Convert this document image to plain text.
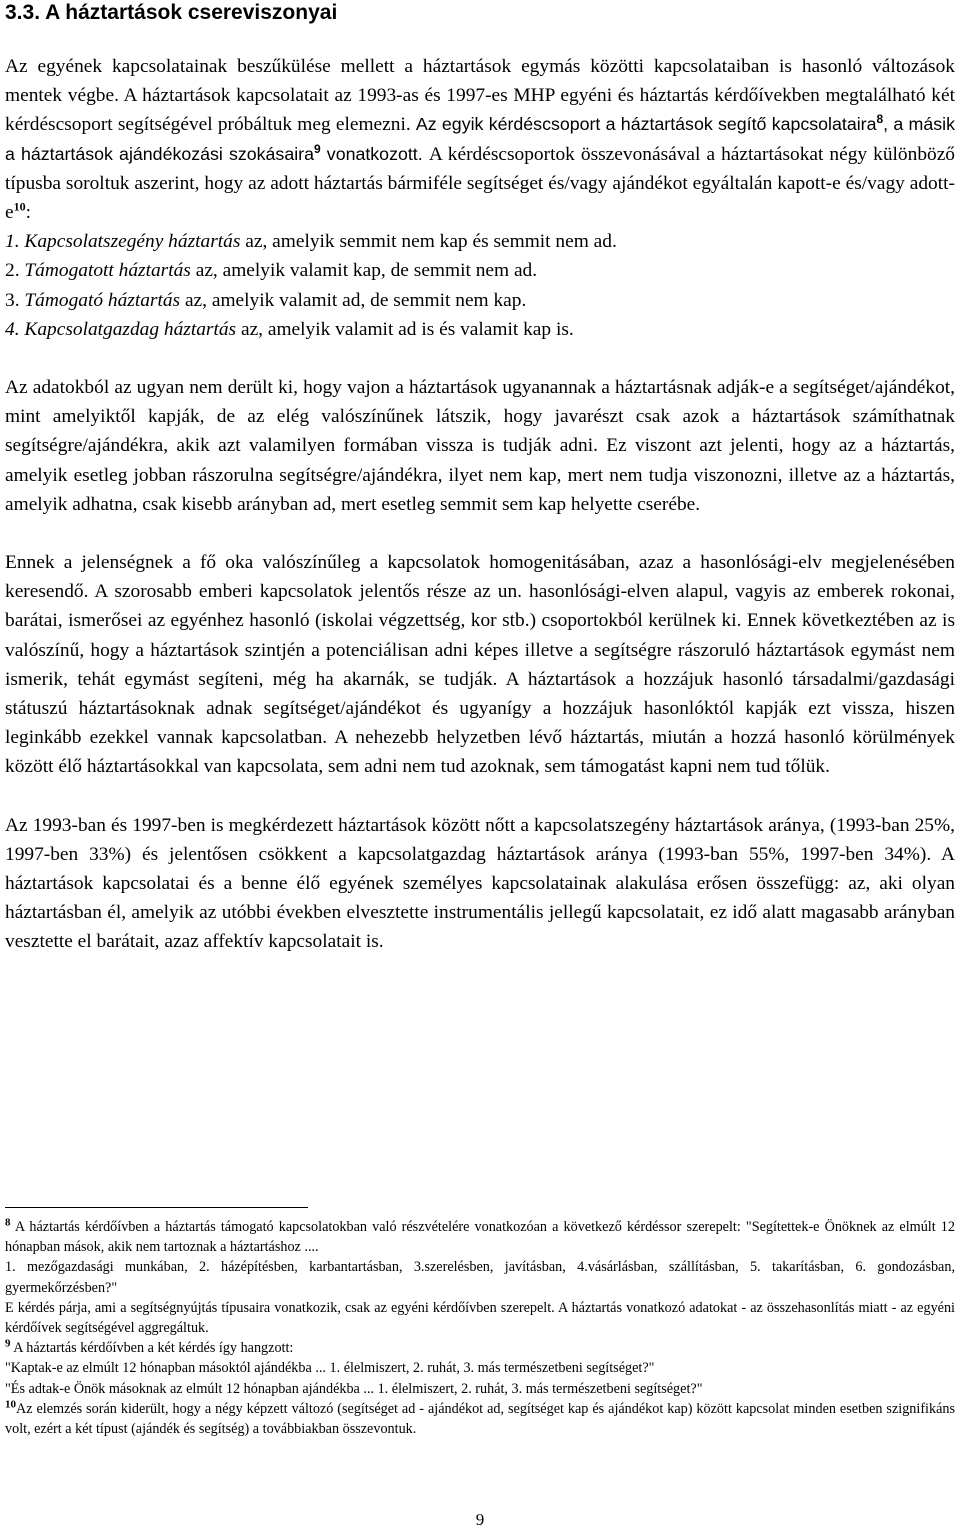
3.3. A háztartások csereviszonyai

Az egyének kapcsolatainak beszűkülése mellett a háztartások egymás közötti kapcsolataiban is hasonló változások mentek végbe. A háztartások kapcsolatait az 1993-as és 1997-es MHP egyéni és háztartás kérdőívekben megtalálható két kérdéscsoport segítségével próbáltuk meg elemezni. Az egyik kérdéscsoport a háztartások segítő kapcsolataira$^8$, a másik a háztartások ajándékozási szokásaira$^9$ vonatkozott. A kérdéscsoportok összevonásával a háztartásokat négy különböző típusba soroltuk aszerint, hogy az adott háztartás bármiféle segítséget és/vagy ajándékot egyáltalán kapott-e és/vagy adott-$e^{10}$:

1. Kapcsolatszegény háztartás az, amelyik semmit nem kap és semmit nem ad.
2. Támogatott háztartás az, amelyik valamit kap, de semmit nem ad.
3. Támogató háztartás az, amelyik valamit ad, de semmit nem kap.
4. Kapcsolatgazdag háztartás az, amelyik valamit ad is és valamit kap is.

Az adatokból az ugyan nem derült ki, hogy vajon a háztartások ugyanannak a háztartásnak adják-e a segítséget/ajándékot, mint amelyiktől kapják, de az elég valószínűnek látszik, hogy javarészt csak azok a háztartások számíthatnak segítségre/ajándékra, akik azt valamilyen formában vissza is tudják adni. Ez viszont azt jelenti, hogy az a háztartás, amelyik esetleg jobban rászorulna segítségre/ajándékra, ilyet nem kap, mert nem tudja viszonozni, illetve az a háztartás, amelyik adhatna, csak kisebb arányban ad, mert esetleg semmit sem kap helyette cserébe.

Ennek a jelenségnek a fő oka valószínűleg a kapcsolatok homogenitásában, azaz a hasonlósági-elv megjelenésében keresendő. A szorosabb emberi kapcsolatok jelentős része az un. hasonlósági-elven alapul, vagyis az emberek rokonai, barátai, ismerősei az egyénhez hasonló (iskolai végzettség, kor stb.) csoportokból kerülnek ki. Ennek következtében az is valószínű, hogy a háztartások szintjén a potenciálisan adni képes illetve a segítségre rászoruló háztartások egymást nem ismerik, tehát egymást segíteni, még ha akarnák, se tudják. A háztartások a hozzájuk hasonló társadalmi/gazdasági státuszú háztartásoknak adnak segítséget/ajándékot és ugyanígy a hozzájuk hasonlóktól kapják ezt vissza, hiszen leginkább ezekkel vannak kapcsolatban. A nehezebb helyzetben lévő háztartás, miután a hozzá hasonló körülmények között élő háztartásokkal van kapcsolata, sem adni nem tud azoknak, sem támogatást kapni nem tud tőlük.

Az 1993-ban és 1997-ben is megkérdezett háztartások között nőtt a kapcsolatszegény háztartások aránya, (1993-ban 25%, 1997-ben 33%) és jelentősen csökkent a kapcsolatgazdag háztartások aránya (1993-ban 55%, 1997-ben 34%). A háztartások kapcsolatai és a benne élő egyének személyes kapcsolatainak alakulása erősen összefügg: az, aki olyan háztartásban él, amelyik az utóbbi években elvesztette instrumentális jellegű kapcsolatait, ez idő alatt magasabb arányban vesztette el barátait, azaz affektív kapcsolatait is.

$^8$ A háztartás kérdőívben a háztartás támogató kapcsolatokban való részvételére vonatkozóan a következő kérdéssor szerepelt: "Segítettek-e Önöknek az elmúlt 12 hónapban mások, akik nem tartoznak a háztartáshoz ....

1. mezőgazdasági munkában, 2. házépítésben, karbantartásban, 3.szerelésben, javításban, 4.vásárlásban, szállításban, 5. takarításban, 6. gondozásban, gyermekőrzésben?"

E kérdés párja, ami a segítségnyújtás típusaira vonatkozik, csak az egyéni kérdőívben szerepelt. A háztartás vonatkozó adatokat - az összehasonlítás miatt - az egyéni kérdőívek segítségével aggregáltuk.

$^9$ A háztartás kérdőívben a két kérdés így hangzott:

"Kaptak-e az elmúlt 12 hónapban másoktól ajándékba ... 1. élelmiszert, 2. ruhát, 3. más természetbeni segítséget?"

"És adtak-e Önök másoknak az elmúlt 12 hónapban ajándékba ... 1. élelmiszert, 2. ruhát, 3. más természetbeni segítséget?"

$^{10}$Az elemzés során kiderült, hogy a négy képzett változó (segítséget ad - ajándékot ad, segítséget kap és ajándékot kap) között kapcsolat minden esetben szignifikáns volt, ezért a két típust (ajándék és segítség) a továbbiakban összevontuk.

9
